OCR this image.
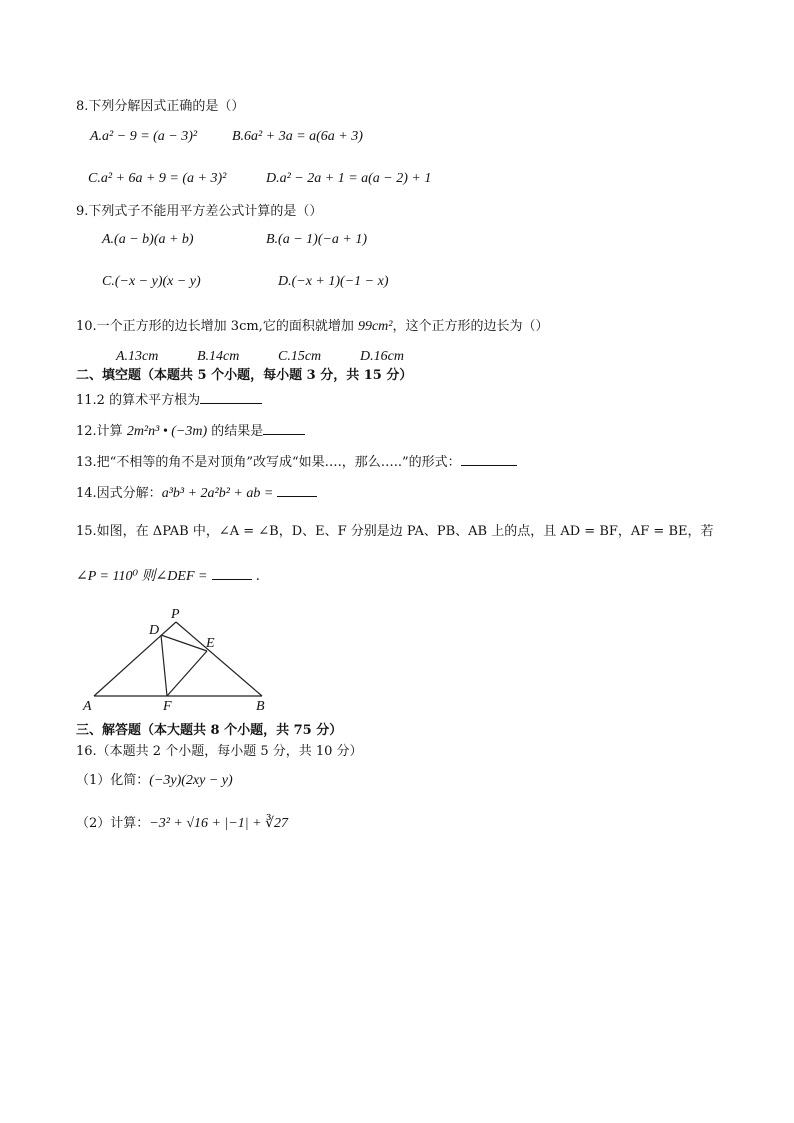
8.下列分解因式正确的是（）
A.a² − 9 = (a − 3)² B.6a² + 3a = a(6a + 3)
C.a² + 6a + 9 = (a + 3)²	D.a² − 2a + 1 = a(a − 2) + 1
9.下列式子不能用平方差公式计算的是（）
A.(a − b)(a + b)	B.(a − 1)(−a + 1)
C.(−x − y)(x − y)	D.(−x + 1)(−1 − x)
10.一个正方形的边长增加 3cm,它的面积就增加 99cm²，这个正方形的边长为（）
A.13cm	B.14cm	C.15cm	D.16cm
二、填空题（本题共 5 个小题，每小题 3 分，共 15 分）
11.2 的算术平方根为
12.计算 2m²n³ • (−3m) 的结果是
13.把“不相等的角不是对顶角”改写成“如果….，那么…..”的形式：
14.因式分解：a³b³ + 2a²b² + ab =
15.如图，在 ΔPAB 中，∠A = ∠B，D、E、F 分别是边 PA、PB、AB 上的点，且 AD = BF，AF = BE，若
∠P = 110⁰ 则∠DEF =	.
P
D
E
A	F	B
三、解答题（本大题共 8 个小题，共 75 分）
16.（本题共 2 个小题，每小题 5 分，共 10 分）
（1）化简：(−3y)(2xy − y)
（2）计算：−3² + √16 + |−1| + ∛27
